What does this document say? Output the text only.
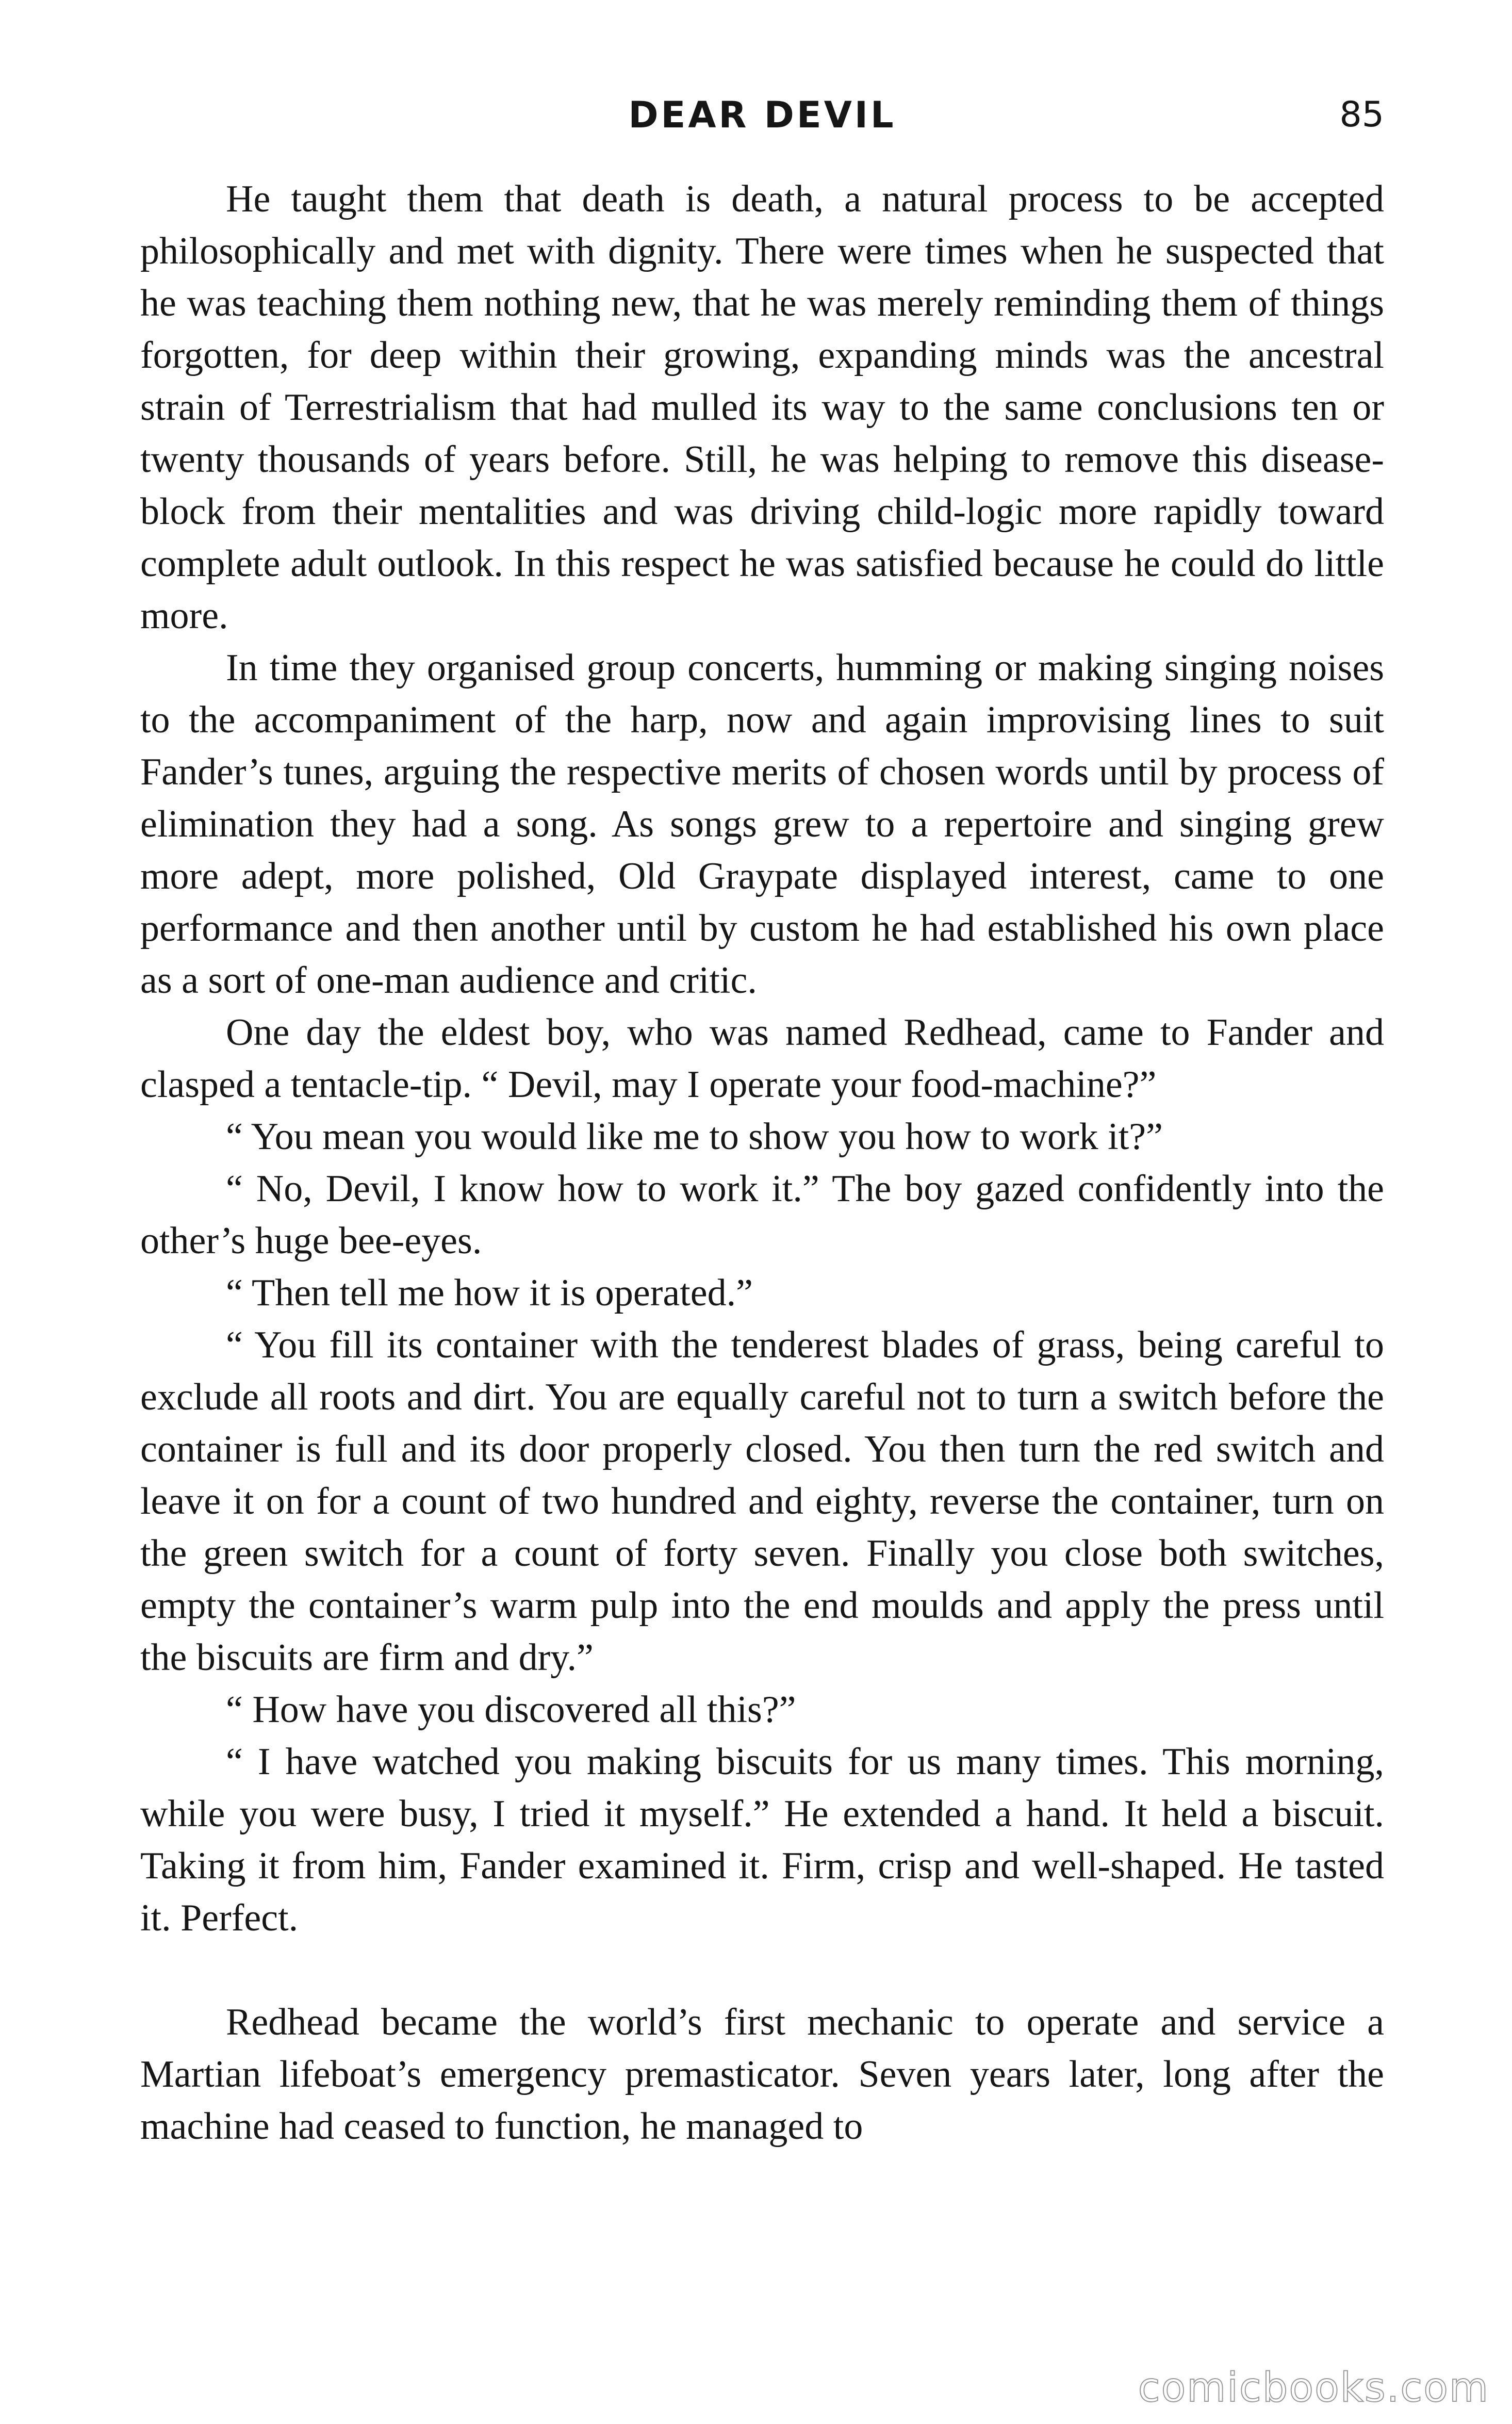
DEAR DEVIL	85

He taught them that death is death, a natural process to be accepted philosophically and met with dignity. There were times when he suspected that he was teaching them nothing new, that he was merely reminding them of things forgotten, for deep within their growing, expanding minds was the ancestral strain of Terrestrialism that had mulled its way to the same conclusions ten or twenty thousands of years before. Still, he was helping to remove this disease-block from their mentalities and was driving child-logic more rapidly toward complete adult outlook. In this respect he was satisfied because he could do little more.

In time they organised group concerts, humming or making singing noises to the accompaniment of the harp, now and again improvising lines to suit Fander’s tunes, arguing the respective merits of chosen words until by process of elimination they had a song. As songs grew to a repertoire and singing grew more adept, more polished, Old Graypate displayed interest, came to one performance and then another until by custom he had established his own place as a sort of one-man audience and critic.

One day the eldest boy, who was named Redhead, came to Fander and clasped a tentacle-tip. “ Devil, may I operate your food-machine?”

“ You mean you would like me to show you how to work it?”

“ No, Devil, I know how to work it.” The boy gazed confidently into the other’s huge bee-eyes.

“ Then tell me how it is operated.”

“ You fill its container with the tenderest blades of grass, being careful to exclude all roots and dirt. You are equally careful not to turn a switch before the container is full and its door properly closed. You then turn the red switch and leave it on for a count of two hundred and eighty, reverse the container, turn on the green switch for a count of forty seven. Finally you close both switches, empty the container’s warm pulp into the end moulds and apply the press until the biscuits are firm and dry.”

“ How have you discovered all this?”

“ I have watched you making biscuits for us many times. This morning, while you were busy, I tried it myself.” He extended a hand. It held a biscuit. Taking it from him, Fander examined it. Firm, crisp and well-shaped. He tasted it. Perfect.

Redhead became the world’s first mechanic to operate and service a Martian lifeboat’s emergency premasticator. Seven years later, long after the machine had ceased to function, he managed to

comicbooks.com
